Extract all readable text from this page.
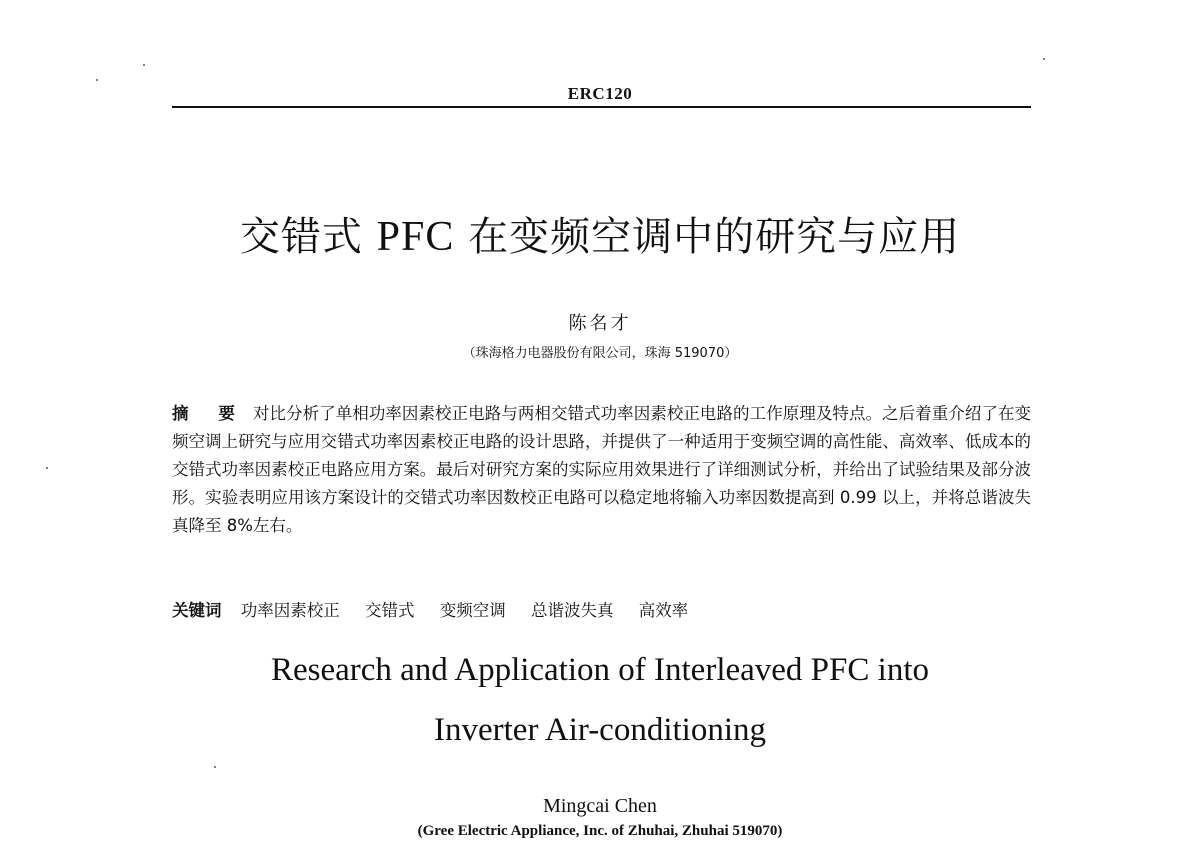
ERC120
交错式 PFC 在变频空调中的研究与应用
陈名才
（珠海格力电器股份有限公司，珠海 519070）
摘 要 对比分析了单相功率因素校正电路与两相交错式功率因素校正电路的工作原理及特点。之后着重介绍了在变频空调上研究与应用交错式功率因素校正电路的设计思路，并提供了一种适用于变频空调的高性能、高效率、低成本的交错式功率因素校正电路应用方案。最后对研究方案的实际应用效果进行了详细测试分析，并给出了试验结果及部分波形。实验表明应用该方案设计的交错式功率因数校正电路可以稳定地将输入功率因数提高到 0.99 以上，并将总谐波失真降至 8%左右。
关键词 功率因素校正 交错式 变频空调 总谐波失真 高效率
Research and Application of Interleaved PFC into
Inverter Air-conditioning
Mingcai Chen
(Gree Electric Appliance, Inc. of Zhuhai, Zhuhai 519070)
